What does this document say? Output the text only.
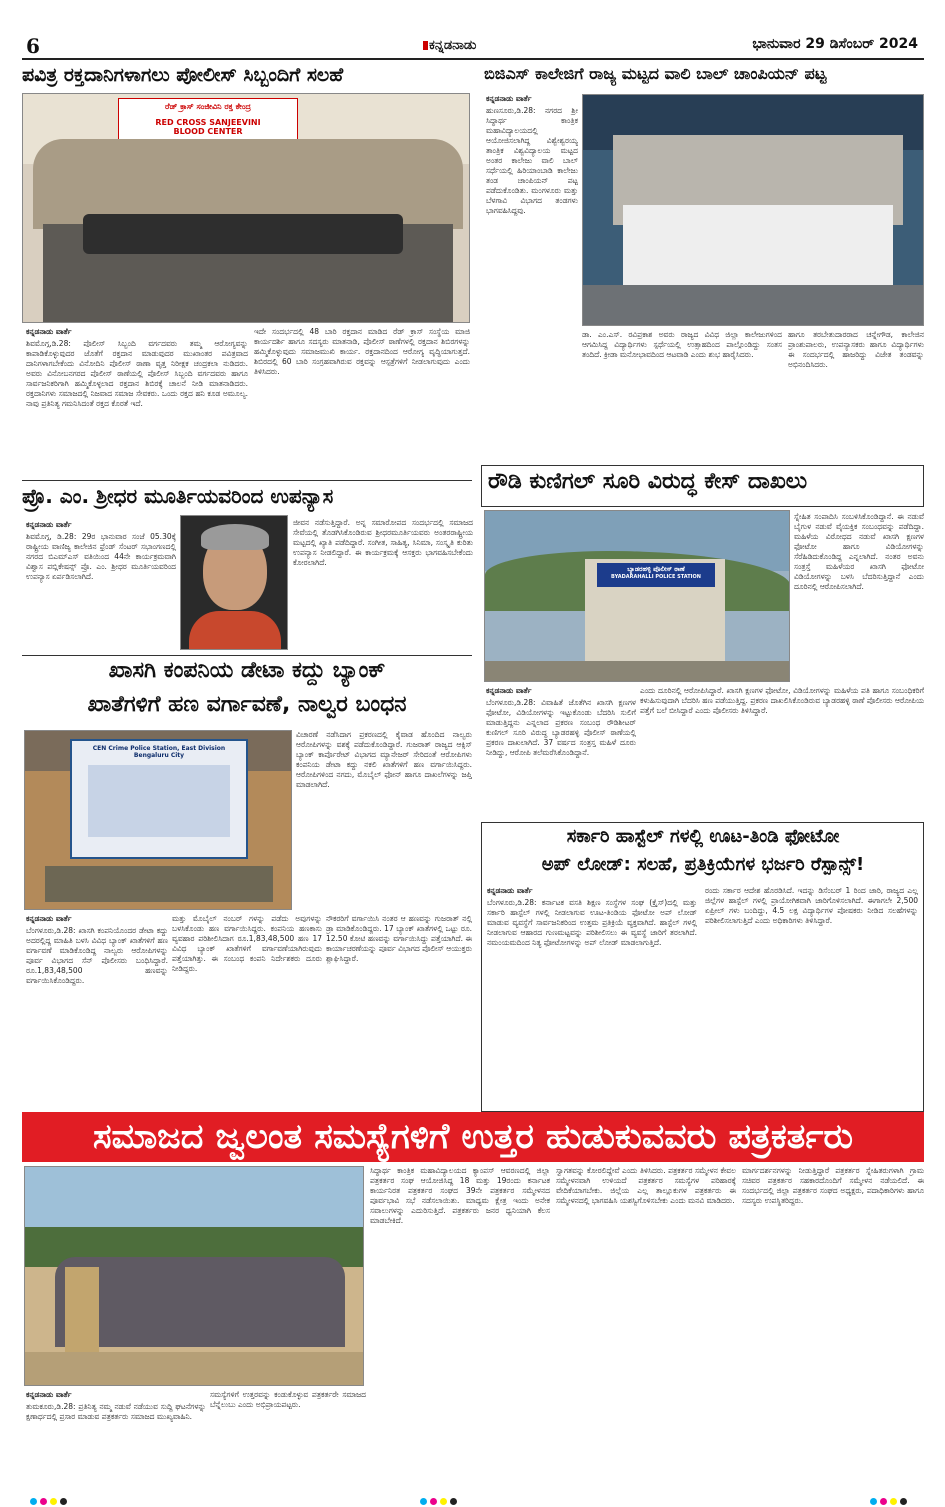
6	ಕನ್ನಡನಾಡು	ಭಾನುವಾರ 29 ಡಿಸೆಂಬರ್ 2024
ಪವಿತ್ರ ರಕ್ತದಾನಿಗಳಾಗಲು ಪೋಲೀಸ್ ಸಿಬ್ಬಂದಿಗೆ ಸಲಹೆ
ರೆಡ್ ಕ್ರಾಸ್ ಸಂಜೀವಿನಿ ರಕ್ತ ಕೇಂದ್ರ
RED CROSS SANJEEVINI
BLOOD CENTER
ಕನ್ನಡನಾಡು ವಾರ್ತೆ
ಶಿವಮೊಗ್ಗ,ಡಿ.28: ಪೊಲೀಸ್ ಸಿಬ್ಬಂದಿ ವರ್ಗದವರು ತಮ್ಮ ಆರೋಗ್ಯವನ್ನು ಕಾಪಾಡಿಕೊಳ್ಳುವುದರ ಜೊತೆಗೆ ರಕ್ತದಾನ ಮಾಡುವುದರ ಮುಖಾಂತರ ಪವಿತ್ರವಾದ ದಾನಿಗಳಾಗಬೇಕೆಂದು ವಿನೋದಿನಿ ಪೊಲೀಸ್ ಠಾಣಾ ವೃತ್ತ ನಿರೀಕ್ಷಕ ಚಂದ್ರಕಲಾ ನುಡಿದರು. ಅವರು ವಿನೋಬನಗರದ ಪೊಲೀಸ್ ಠಾಣೆಯಲ್ಲಿ ಪೊಲೀಸ್ ಸಿಬ್ಬಂದಿ ವರ್ಗದವರು ಹಾಗೂ ಸಾರ್ವಜನಿಕರಿಗಾಗಿ ಹಮ್ಮಿಕೊಳ್ಳಲಾದ ರಕ್ತದಾನ ಶಿಬಿರಕ್ಕೆ ಚಾಲನೆ ನೀಡಿ ಮಾತನಾಡಿದರು. ರಕ್ತದಾನಿಗಳು ಸಮಾಜದಲ್ಲಿ ನಿಜವಾದ ಸಮಾಜ ಸೇವಕರು. ಒಂದು ರಕ್ತದ ಹನಿ ಕೂಡ ಅಮೂಲ್ಯ. ನಾವು ಪ್ರತಿನಿತ್ಯ ಗಮನಿಸಿದಂತೆ ರಕ್ತದ ಕೊರತೆ ಇದೆ.
ಇದೇ ಸಂದರ್ಭದಲ್ಲಿ 48 ಬಾರಿ ರಕ್ತದಾನ ಮಾಡಿದ ರೆಡ್ ಕ್ರಾಸ್ ಸಂಸ್ಥೆಯ ಮಾಜಿ ಕಾರ್ಯದರ್ಶಿ ಹಾಗೂ ಸದಸ್ಯರು ಮಾತನಾಡಿ, ಪೊಲೀಸ್ ಠಾಣೆಗಳಲ್ಲಿ ರಕ್ತದಾನ ಶಿಬಿರಗಳನ್ನು ಹಮ್ಮಿಕೊಳ್ಳುವುದು ಸಮಾಜಮುಖಿ ಕಾರ್ಯ. ರಕ್ತದಾನದಿಂದ ಆರೋಗ್ಯ ವೃದ್ಧಿಯಾಗುತ್ತದೆ. ಶಿಬಿರದಲ್ಲಿ 60 ಬಾರಿ ಸಂಗ್ರಹವಾಗಿರುವ ರಕ್ತವನ್ನು ಆಸ್ಪತ್ರೆಗಳಿಗೆ ನೀಡಲಾಗುವುದು ಎಂದು ತಿಳಿಸಿದರು.
ಬಿಜಿಎಸ್ ಕಾಲೇಜಿಗೆ ರಾಜ್ಯ ಮಟ್ಟದ ವಾಲಿ ಬಾಲ್ ಚಾಂಪಿಯನ್ ಪಟ್ಟ
ಕನ್ನಡನಾಡು ವಾರ್ತೆ
ಹುಣಸೂರು,ಡಿ.28: ನಗರದ ಶ್ರೀ ಸಿದ್ಧಾರ್ಥ ಕಾಂತ್ರಿಕ ಮಹಾವಿದ್ಯಾಲಯದಲ್ಲಿ ಆಯೋಜಿಸಲಾಗಿದ್ದ ವಿಶ್ವೇಶ್ವರಯ್ಯ ತಾಂತ್ರಿಕ ವಿಶ್ವವಿದ್ಯಾಲಯ ಮಟ್ಟದ ಅಂತರ ಕಾಲೇಜು ವಾಲಿ ಬಾಲ್ ಸರ್ಧೆಯಲ್ಲಿ ಹಿರಿಯಾಂಬಾಡಿ ಕಾಲೇಜು ತಂಡ ಚಾಂಪಿಯನ್ ಪಟ್ಟ ಪಡೆದುಕೊಂಡಿತು. ಮಂಗಳೂರು ಮತ್ತು ಬೆಳಗಾವಿ ವಿಭಾಗದ ತಂಡಗಳು ಭಾಗವಹಿಸಿದ್ದವು.
ಡಾ. ಎಂ.ಎಸ್. ರವಿಪ್ರಕಾಶ ಅವರು ರಾಜ್ಯದ ವಿವಿಧ ಜಿಲ್ಲಾ ಕಾಲೇಜುಗಳಿಂದ ಆಗಮಿಸಿದ್ದ ವಿದ್ಯಾರ್ಥಿಗಳು ಸ್ಪರ್ಧೆಯಲ್ಲಿ ಉತ್ಸಾಹದಿಂದ ಪಾಲ್ಗೊಂಡಿದ್ದು ಸಂತಸ ತಂದಿದೆ. ಕ್ರೀಡಾ ಮನೋಭಾವದಿಂದ ಆಟವಾಡಿ ಎಂದು ಶುಭ ಹಾರೈಸಿದರು.
ಹಾಗೂ ತರಬೇತುದಾರರಾದ ಚನ್ನೇಗೌಡ, ಕಾಲೇಜಿನ ಪ್ರಾಂಶುಪಾಲರು, ಉಪನ್ಯಾಸಕರು ಹಾಗೂ ವಿದ್ಯಾರ್ಥಿಗಳು ಈ ಸಂದರ್ಭದಲ್ಲಿ ಹಾಜರಿದ್ದು ವಿಜೇತ ತಂಡವನ್ನು ಅಭಿನಂದಿಸಿದರು.
ಪ್ರೊ. ಎಂ. ಶ್ರೀಧರ ಮೂರ್ತಿಯವರಿಂದ ಉಪನ್ಯಾಸ
ಕನ್ನಡನಾಡು ವಾರ್ತೆ
ಶಿವಮೊಗ್ಗ, ಡಿ.28: 29ರ ಭಾನುವಾರ ಸಂಜೆ 05.30ಕ್ಕೆ ರಾಷ್ಟ್ರೀಯ ವಾಣಿಜ್ಯ ಕಾಲೇಜಿನ ಫ್ರೆಂಡ್ ಸೆಂಟರ್ ಸಭಾಂಗಣದಲ್ಲಿ ನಗರದ ಬಿಎಮ್ಎಸ್ ವತಿಯಿಂದ 44ನೇ ಕಾರ್ಯಕ್ರಮವಾಗಿ ವಿಶ್ವಾಸ ಪಬ್ಲಿಕೇಷನ್ಸ್ ಪ್ರೊ. ಎಂ. ಶ್ರೀಧರ ಮೂರ್ತಿಯವರಿಂದ ಉಪನ್ಯಾಸ ಏರ್ಪಡಿಸಲಾಗಿದೆ.
ಜೀವನ ನಡೆಸುತ್ತಿದ್ದಾರೆ. ಅನ್ನ ಸಮಾರೋಪದ ಸಂದರ್ಭದಲ್ಲಿ ಸಮಾಜದ ಸೇವೆಯಲ್ಲಿ ತೊಡಗಿಸಿಕೊಂಡಿರುವ ಶ್ರೀಧರಮೂರ್ತಿಯವರು ಅಂತರರಾಷ್ಟ್ರೀಯ ಮಟ್ಟದಲ್ಲಿ ಖ್ಯಾತಿ ಪಡೆದಿದ್ದಾರೆ. ಸಂಗೀತ, ಸಾಹಿತ್ಯ, ಸಿನಿಮಾ, ಸಂಸ್ಕೃತಿ ಕುರಿತು ಉಪನ್ಯಾಸ ನೀಡಲಿದ್ದಾರೆ. ಈ ಕಾರ್ಯಕ್ರಮಕ್ಕೆ ಆಸಕ್ತರು ಭಾಗವಹಿಸಬೇಕೆಂದು ಕೋರಲಾಗಿದೆ.
ರೌಡಿ ಕುಣಿಗಲ್ ಸೂರಿ ವಿರುದ್ಧ ಕೇಸ್ ದಾಖಲು
ಬ್ಯಾಡರಹಳ್ಳಿ ಪೊಲೀಸ್ ಠಾಣೆ
BYADARAHALLI POLICE STATION
ಸ್ನೇಹಿತ ಸಂಪಾದಿಸಿ ಸಂಬಳಿಸಿಕೊಂಡಿದ್ದಾನೆ. ಈ ನಡುವೆ ಬೈಗುಳ ನಡುವೆ ವೈಯಕ್ತಿಕ ಸಂಬಂಧವನ್ನು ಪಡೆದಿದ್ದಾ. ಮಹಿಳೆಯ ವಿರೋಧದ ನಡುವೆ ಖಾಸಗಿ ಕ್ಷಣಗಳ ಫೋಟೋ ಹಾಗೂ ವಿಡಿಯೋಗಳನ್ನು ಸೆರೆಹಿಡಿದುಕೊಂಡಿದ್ದ ಎನ್ನಲಾಗಿದೆ. ನಂತರ ಅವನು ಸಂತ್ರಸ್ತೆ ಮಹಿಳೆಯರ ಖಾಸಗಿ ಫೋಟೋ ವಿಡಿಯೋಗಳನ್ನು ಬಳಸಿ ಬೆದರಿಸುತ್ತಿದ್ದಾನೆ ಎಂದು ದೂರಿನಲ್ಲಿ ಆರೋಪಿಸಲಾಗಿದೆ.
ಕನ್ನಡನಾಡು ವಾರ್ತೆ
ಬೆಂಗಳೂರು,ಡಿ.28: ವಿವಾಹಿತೆ ಜೊತೆಗಿನ ಖಾಸಗಿ ಕ್ಷಣಗಳ ಫೋಟೋ, ವಿಡಿಯೋಗಳನ್ನು ಇಟ್ಟುಕೊಂಡು ಬೆದರಿಸಿ ಸುಲಿಗೆ ಮಾಡುತ್ತಿದ್ದನು ಎನ್ನಲಾದ ಪ್ರಕರಣ ಸಂಬಂಧ ರೌಡಿಶೀಟರ್ ಕುಣಿಗಲ್ ಸೂರಿ ವಿರುದ್ಧ ಬ್ಯಾಡರಹಳ್ಳಿ ಪೊಲೀಸ್ ಠಾಣೆಯಲ್ಲಿ ಪ್ರಕರಣ ದಾಖಲಾಗಿದೆ. 37 ವರ್ಷದ ಸಂತ್ರಸ್ತ ಮಹಿಳೆ ದೂರು ನೀಡಿದ್ದು, ಆರೋಪಿ ತಲೆಮರೆಸಿಕೊಂಡಿದ್ದಾನೆ.
ಎಂದು ದೂರಿನಲ್ಲಿ ಆರೋಪಿಸಿದ್ದಾರೆ. ಖಾಸಗಿ ಕ್ಷಣಗಳ ಫೋಟೋ, ವಿಡಿಯೋಗಳನ್ನು ಮಹಿಳೆಯ ಪತಿ ಹಾಗೂ ಸಂಬಂಧಿಕರಿಗೆ ಕಳುಹಿಸುವುದಾಗಿ ಬೆದರಿಸಿ ಹಣ ಪಡೆಯುತ್ತಿದ್ದ. ಪ್ರಕರಣ ದಾಖಲಿಸಿಕೊಂಡಿರುವ ಬ್ಯಾಡರಹಳ್ಳಿ ಠಾಣೆ ಪೊಲೀಸರು ಆರೋಪಿಯ ಪತ್ತೆಗೆ ಬಲೆ ಬೀಸಿದ್ದಾರೆ ಎಂದು ಪೊಲೀಸರು ತಿಳಿಸಿದ್ದಾರೆ.
ಖಾಸಗಿ ಕಂಪನಿಯ ಡೇಟಾ ಕದ್ದು ಬ್ಯಾಂಕ್
ಖಾತೆಗಳಿಗೆ ಹಣ ವರ್ಗಾವಣೆ, ನಾಲ್ವರ ಬಂಧನ
CEN Crime Police Station, East Division Bengaluru City
ವಿಚಾರಣೆ ನಡೆಸಿದಾಗ ಪ್ರಕರಣದಲ್ಲಿ ಕೈವಾಡ ಹೊಂದಿದ ನಾಲ್ವರು ಆರೋಪಿಗಳನ್ನು ವಶಕ್ಕೆ ಪಡೆದುಕೊಂಡಿದ್ದಾರೆ. ಗುಜರಾತ್ ರಾಜ್ಯದ ಆಕ್ಸಿಸ್ ಬ್ಯಾಂಕ್ ಕಾರ್ಪೊರೇಟ್ ವಿಭಾಗದ ಮ್ಯಾನೇಜರ್ ಸೇರಿದಂತೆ ಆರೋಪಿಗಳು ಕಂಪನಿಯ ಡೇಟಾ ಕದ್ದು ನಕಲಿ ಖಾತೆಗಳಿಗೆ ಹಣ ವರ್ಗಾಯಿಸಿದ್ದರು. ಆರೋಪಿಗಳಿಂದ ನಗದು, ಮೊಬೈಲ್ ಫೋನ್ ಹಾಗೂ ದಾಖಲೆಗಳನ್ನು ಜಪ್ತಿ ಮಾಡಲಾಗಿದೆ.
ಕನ್ನಡನಾಡು ವಾರ್ತೆ
ಬೆಂಗಳೂರು,ಡಿ.28: ಖಾಸಗಿ ಕಂಪನಿಯೊಂದರ ಡೇಟಾ ಕದ್ದು ಅದರಲ್ಲಿದ್ದ ಮಾಹಿತಿ ಬಳಸಿ ವಿವಿಧ ಬ್ಯಾಂಕ್ ಖಾತೆಗಳಿಗೆ ಹಣ ವರ್ಗಾವಣೆ ಮಾಡಿಕೊಂಡಿದ್ದ ನಾಲ್ವರು ಆರೋಪಿಗಳನ್ನು ಪೂರ್ವ ವಿಭಾಗದ ಸೆನ್ ಪೊಲೀಸರು ಬಂಧಿಸಿದ್ದಾರೆ. ರೂ.1,83,48,500 ಹಣವನ್ನು ವರ್ಗಾಯಿಸಿಕೊಂಡಿದ್ದರು.
ಮತ್ತು ಮೊಬೈಲ್ ನಂಬರ್ ಗಳನ್ನು ಪಡೆದು ಅವುಗಳನ್ನು ಬಳಸಿಕೊಂಡು ಹಣ ವರ್ಗಾಯಿಸಿದ್ದರು. ಕಂಪನಿಯ ಹಣಕಾಸು ವ್ಯವಹಾರ ಪರಿಶೀಲಿಸಿದಾಗ ರೂ.1,83,48,500 ಹಣ 17 ವಿವಿಧ ಬ್ಯಾಂಕ್ ಖಾತೆಗಳಿಗೆ ವರ್ಗಾವಣೆಯಾಗಿರುವುದು ಪತ್ತೆಯಾಗಿತ್ತು. ಈ ಸಂಬಂಧ ಕಂಪನಿ ನಿರ್ದೇಶಕರು ದೂರು ನೀಡಿದ್ದರು.
ನೌಕರರಿಗೆ ವರ್ಗಾಯಿಸಿ ನಂತರ ಆ ಹಣವನ್ನು ಗುಜರಾತ್ ನಲ್ಲಿ ಡ್ರಾ ಮಾಡಿಕೊಂಡಿದ್ದರು. 17 ಬ್ಯಾಂಕ್ ಖಾತೆಗಳಲ್ಲಿ ಒಟ್ಟು ರೂ. 12.50 ಕೋಟಿ ಹಣವನ್ನು ವರ್ಗಾಯಿಸಿದ್ದು ಪತ್ತೆಯಾಗಿದೆ. ಈ ಕಾರ್ಯಾಚರಣೆಯನ್ನು ಪೂರ್ವ ವಿಭಾಗದ ಪೊಲೀಸ್ ಆಯುಕ್ತರು ಶ್ಲಾಘಿಸಿದ್ದಾರೆ.
ಸರ್ಕಾರಿ ಹಾಸ್ಟೆಲ್ ಗಳಲ್ಲಿ ಊಟ-ತಿಂಡಿ ಫೋಟೋ
ಅಪ್ ಲೋಡ್: ಸಲಹೆ, ಪ್ರತಿಕ್ರಿಯೆಗಳ ಭರ್ಜರಿ ರೆಸ್ಪಾನ್ಸ್!
ಕನ್ನಡನಾಡು ವಾರ್ತೆ
ಬೆಂಗಳೂರು,ಡಿ.28: ಕರ್ನಾಟಕ ವಸತಿ ಶಿಕ್ಷಣ ಸಂಸ್ಥೆಗಳ ಸಂಘ (ಕ್ರೈಸ್)ದಲ್ಲಿ ಮತ್ತು ಸರ್ಕಾರಿ ಹಾಸ್ಟೆಲ್ ಗಳಲ್ಲಿ ನೀಡಲಾಗುವ ಊಟ-ತಿಂಡಿಯ ಫೋಟೋ ಅಪ್ ಲೋಡ್ ಮಾಡುವ ವ್ಯವಸ್ಥೆಗೆ ಸಾರ್ವಜನಿಕರಿಂದ ಉತ್ತಮ ಪ್ರತಿಕ್ರಿಯೆ ವ್ಯಕ್ತವಾಗಿದೆ. ಹಾಸ್ಟೆಲ್ ಗಳಲ್ಲಿ ನೀಡಲಾಗುವ ಆಹಾರದ ಗುಣಮಟ್ಟವನ್ನು ಪರಿಶೀಲಿಸಲು ಈ ವ್ಯವಸ್ಥೆ ಜಾರಿಗೆ ತರಲಾಗಿದೆ. ನಮಂಯಮದಿಂದ ನಿತ್ಯ ಫೋಟೋಗಳನ್ನು ಅಪ್ ಲೋಡ್ ಮಾಡಲಾಗುತ್ತಿದೆ.
ರಂದು ಸರ್ಕಾರ ಆದೇಶ ಹೊರಡಿಸಿದೆ. ಇದನ್ನು ಡಿಸೆಂಬರ್ 1 ರಿಂದ ಜಾರಿ, ರಾಜ್ಯದ ಎಲ್ಲ ಜಿಲ್ಲೆಗಳ ಹಾಸ್ಟೆಲ್ ಗಳಲ್ಲಿ ಪ್ರಾಯೋಗಿಕವಾಗಿ ಜಾರಿಗೊಳಿಸಲಾಗಿದೆ. ಈಗಾಗಲೇ 2,500 ಏಪ್ರೀಲ್ ಗಳು ಬಂದಿದ್ದು, 4.5 ಲಕ್ಷ ವಿದ್ಯಾರ್ಥಿಗಳ ಪೋಷಕರು ನೀಡಿದ ಸಲಹೆಗಳನ್ನು ಪರಿಶೀಲಿಸಲಾಗುತ್ತಿದೆ ಎಂದು ಅಧಿಕಾರಿಗಳು ತಿಳಿಸಿದ್ದಾರೆ.
ಸಮಾಜದ ಜ್ವಲಂತ ಸಮಸ್ಯೆಗಳಿಗೆ ಉತ್ತರ ಹುಡುಕುವವರು ಪತ್ರಕರ್ತರು
ಕನ್ನಡನಾಡು ವಾರ್ತೆ
ತುಮಕೂರು,ಡಿ.28: ಪ್ರತಿನಿತ್ಯ ನಮ್ಮ ನಡುವೆ ನಡೆಯುವ ಸುದ್ದಿ ಘಟನೆಗಳನ್ನು ಕ್ಷಣಾರ್ಧದಲ್ಲಿ ಪ್ರಸಾರ ಮಾಡುವ ಪತ್ರಕರ್ತರು ಸಮಾಜದ ಮುಖ್ಯವಾಹಿನಿ.
ಸಮಸ್ಯೆಗಳಿಗೆ ಉತ್ತರವನ್ನು ಕಂಡುಕೊಳ್ಳುವ ಪತ್ರಕರ್ತರೇ ಸಮಾಜದ ಬೆನ್ನೆಲುಬು ಎಂದು ಅಭಿಪ್ರಾಯಪಟ್ಟರು.
ಸಿದ್ಧಾರ್ಥ ಕಾಂತ್ರಿಕ ಮಹಾವಿದ್ಯಾಲಯದ ಕ್ಯಾಂಪಸ್ ಆವರಣದಲ್ಲಿ ಜಿಲ್ಲಾ ಪತ್ರಕರ್ತರ ಸಂಘ ಆಯೋಜಿಸಿದ್ದ 18 ಮತ್ತು 19ರಂದು ಕರ್ನಾಟಕ ಕಾರ್ಯನಿರತ ಪತ್ರಕರ್ತರ ಸಂಘದ 39ನೇ ಪತ್ರಕರ್ತರ ಸಮ್ಮೇಳನದ ಪೂರ್ವಭಾವಿ ಸಭೆ ನಡೆಸಲಾಯಿತು. ಮಾಧ್ಯಮ ಕ್ಷೇತ್ರ ಇಂದು ಅನೇಕ ಸವಾಲುಗಳನ್ನು ಎದುರಿಸುತ್ತಿದೆ. ಪತ್ರಕರ್ತರು ಜನರ ಧ್ವನಿಯಾಗಿ ಕೆಲಸ ಮಾಡಬೇಕಿದೆ.
ಸ್ವಾಗತವನ್ನು ಕೋರಲಿದ್ದೇವೆ ಎಂದು ತಿಳಿಸಿದರು. ಪತ್ರಕರ್ತರ ಸಮ್ಮೇಳನ ಕೇವಲ ಸಮ್ಮೇಳನವಾಗಿ ಉಳಿಯದೆ ಪತ್ರಕರ್ತರ ಸಮಸ್ಯೆಗಳ ಪರಿಹಾರಕ್ಕೆ ವೇದಿಕೆಯಾಗಬೇಕು. ಜಿಲ್ಲೆಯ ಎಲ್ಲ ತಾಲ್ಲೂಕುಗಳ ಪತ್ರಕರ್ತರು ಈ ಸಮ್ಮೇಳನದಲ್ಲಿ ಭಾಗವಹಿಸಿ ಯಶಸ್ವಿಗೊಳಿಸಬೇಕು ಎಂದು ಮನವಿ ಮಾಡಿದರು.
ಮಾರ್ಗದರ್ಶನಗಳನ್ನು ನೀಡುತ್ತಿದ್ದಾರೆ ಪತ್ರಕರ್ತರ ಸ್ನೇಹಿತರುಗಳಾಗಿ ಗ್ರಾಮ ಸಚಿವರ ಪತ್ರಕರ್ತರ ಸಹಕಾರದೊಂದಿಗೆ ಸಮ್ಮೇಳನ ನಡೆಯಲಿದೆ. ಈ ಸಂದರ್ಭದಲ್ಲಿ ಜಿಲ್ಲಾ ಪತ್ರಕರ್ತರ ಸಂಘದ ಅಧ್ಯಕ್ಷರು, ಪದಾಧಿಕಾರಿಗಳು ಹಾಗೂ ಸದಸ್ಯರು ಉಪಸ್ಥಿತರಿದ್ದರು.
